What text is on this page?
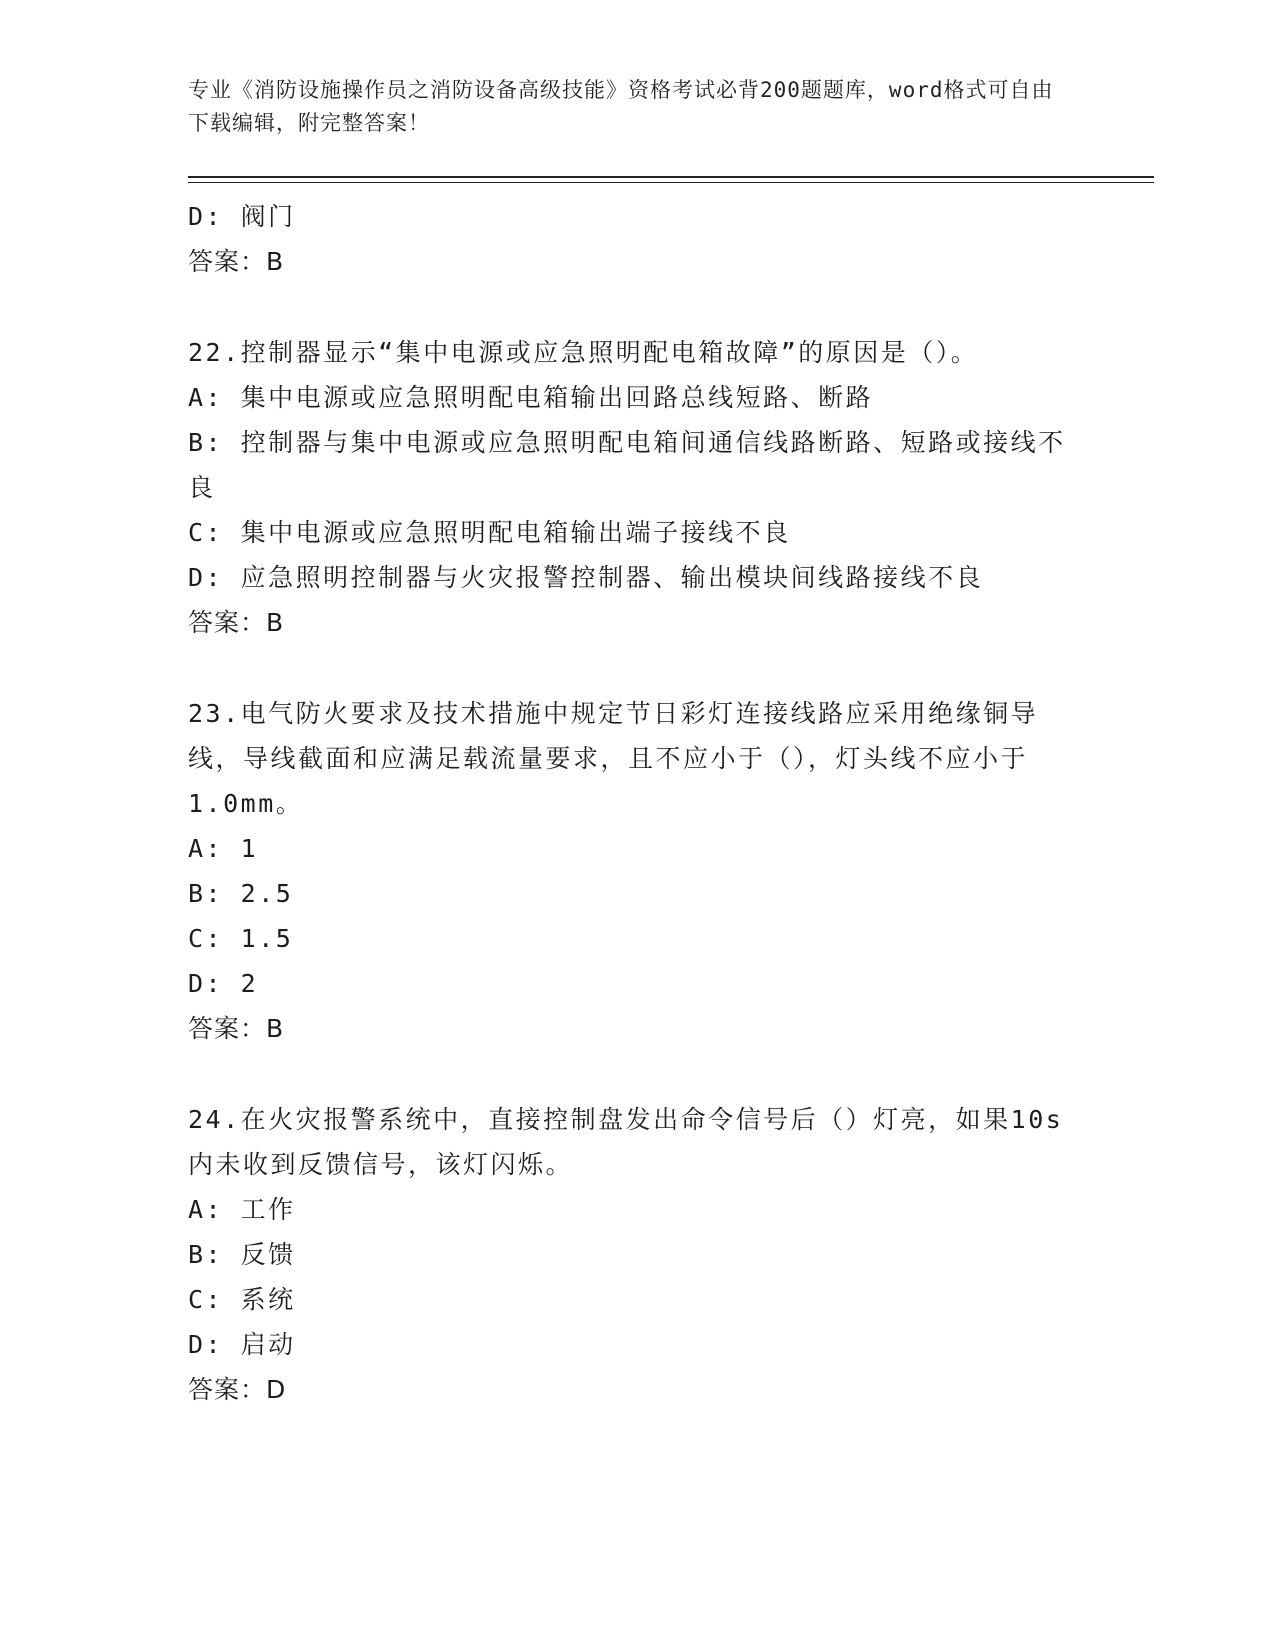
专业《消防设施操作员之消防设备高级技能》资格考试必背200题题库，word格式可自由下载编辑，附完整答案！
D: 阀门
答案：B
22.控制器显示“集中电源或应急照明配电箱故障”的原因是（）。
A: 集中电源或应急照明配电箱输出回路总线短路、断路
B: 控制器与集中电源或应急照明配电箱间通信线路断路、短路或接线不良
C: 集中电源或应急照明配电箱输出端子接线不良
D: 应急照明控制器与火灾报警控制器、输出模块间线路接线不良
答案：B
23.电气防火要求及技术措施中规定节日彩灯连接线路应采用绝缘铜导线，导线截面和应满足载流量要求，且不应小于（），灯头线不应小于1.0mm。
A: 1
B: 2.5
C: 1.5
D: 2
答案：B
24.在火灾报警系统中，直接控制盘发出命令信号后（）灯亮，如果10s内未收到反馈信号，该灯闪烁。
A: 工作
B: 反馈
C: 系统
D: 启动
答案：D
